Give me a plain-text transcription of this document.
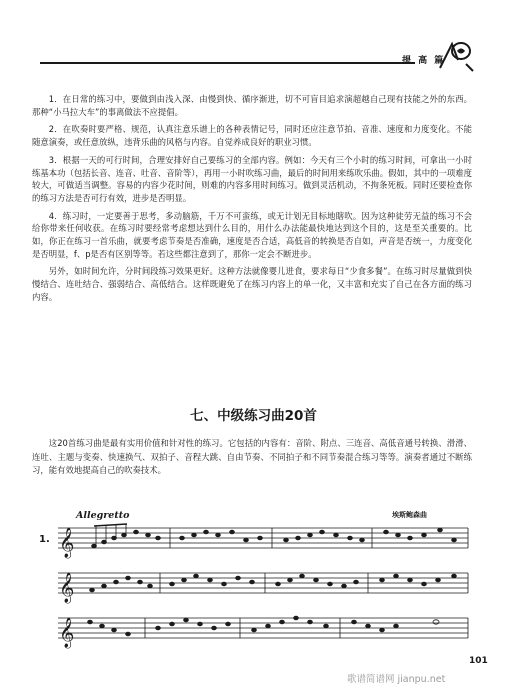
提 高 篇

1．在日常的练习中，要做到由浅入深、由慢到快、循序渐进，切不可盲目追求演超越自己现有技能之外的东西。那种“小马拉大车”的事离做法不应提倡。

2．在吹奏时要严格、规范，认真注意乐谱上的各种表情记号，同时还应注意节拍、音准、速度和力度变化。不能随意演奏，或任意放纵，违背乐曲的风格与内容。自觉养成良好的职业习惯。

3．根据一天的可行时间，合理安排好自己要练习的全部内容。例如：今天有三个小时的练习时间，可拿出一小时练基本功（包括长音、连音、吐音、音阶等），再用一小时吹练习曲，最后的时间用来练吹乐曲。假如，其中的一项难度较大，可做适当调整。容易的内容少花时间，则难的内容多用时间练习。做到灵活机动，不拘条死板。同时还要检查你的练习方法是否可行有效，进步是否明显。

4．练习时，一定要善于思考，多动脑筋，千万不可蛮练，或无计划无目标地瞎吹。因为这种徒劳无益的练习不会给你带来任何收获。在练习时要经常考虑想达到什么目的，用什么办法能最快地达到这个目的，这是至关重要的。比如，你正在练习一首乐曲，就要考虑节奏是否准确，速度是否合适，高低音的转换是否自如，声音是否统一，力度变化是否明显，f、p是否有区别等等。若这些都注意到了，那你一定会不断进步。

另外，如时间允许，分时间段练习效果更好。这种方法就像婴儿进食，要求每日“少食多餐”。在练习时尽量做到快慢结合、连吐结合、强弱结合、高低结合。这样既避免了在练习内容上的单一化，又丰富和充实了自己在各方面的练习内容。

七、中级练习曲20首

这20首练习曲是最有实用价值和针对性的练习。它包括的内容有：音阶、附点、三连音、高低音通号转换、滑滑、连吐、主题与变奏、快速换气、双拍子、音程大跳、自由节奏、不同拍子和不同节奏混合练习等等。演奏者通过不断练习，能有效地提高自己的吹奏技术。

Allegretto	埃斯鲍森曲
1. 𝄞
𝄞
𝄞
101
歌谱简谱网 jianpu.net
